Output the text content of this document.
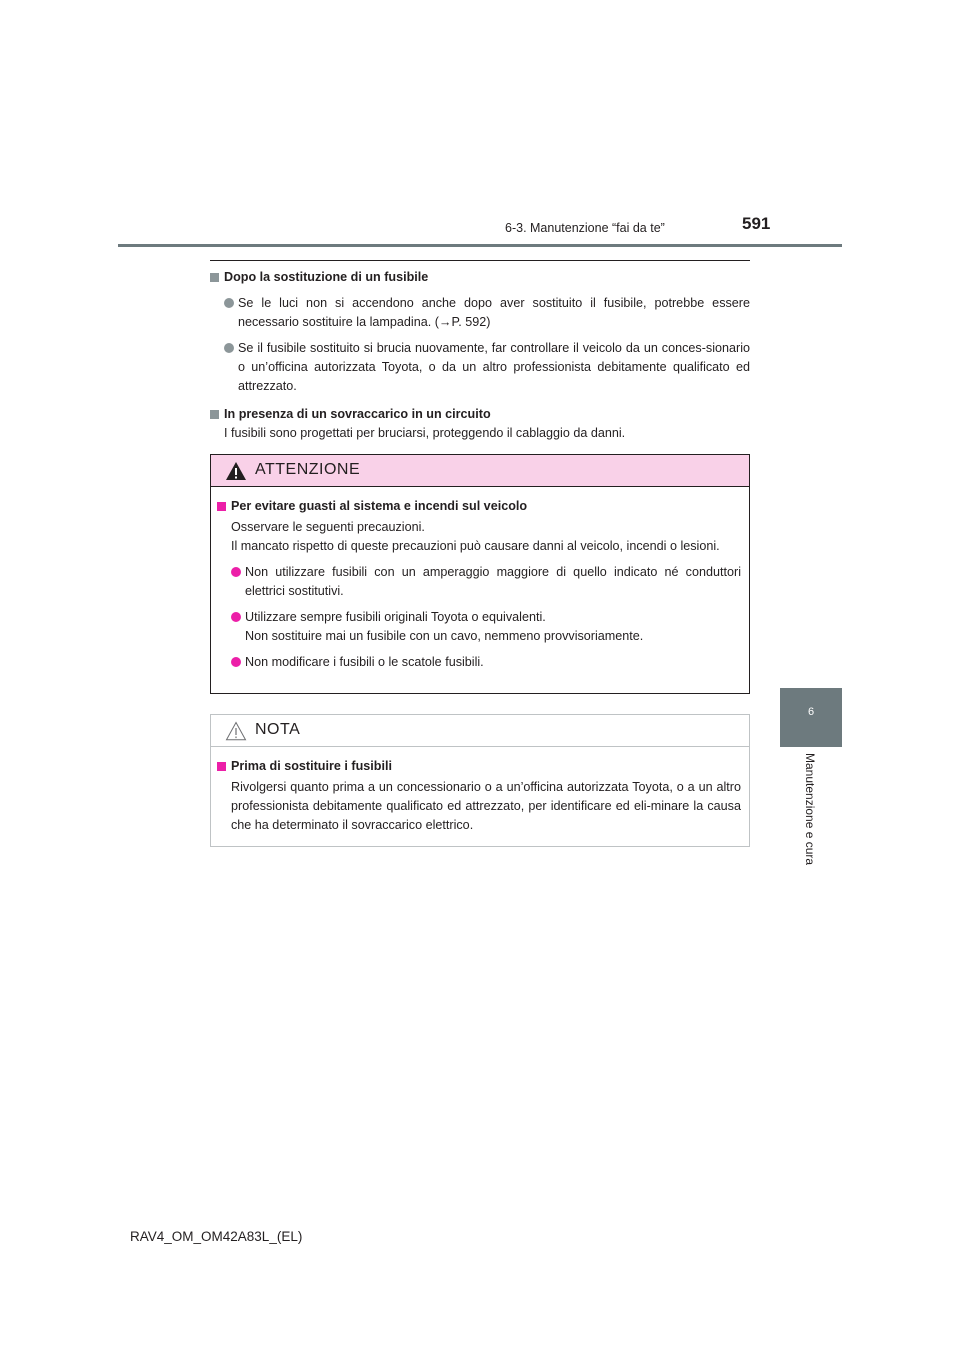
6-3. Manutenzione “fai da te”	591
6
Manutenzione e cura
Dopo la sostituzione di un fusibile
Se le luci non si accendono anche dopo aver sostituito il fusibile, potrebbe essere necessario sostituire la lampadina. (→P. 592)
Se il fusibile sostituito si brucia nuovamente, far controllare il veicolo da un conces-sionario o un’officina autorizzata Toyota, o da un altro professionista debitamente qualificato ed attrezzato.
In presenza di un sovraccarico in un circuito
I fusibili sono progettati per bruciarsi, proteggendo il cablaggio da danni.
ATTENZIONE
Per evitare guasti al sistema e incendi sul veicolo
Osservare le seguenti precauzioni.
Il mancato rispetto di queste precauzioni può causare danni al veicolo, incendi o lesioni.
Non utilizzare fusibili con un amperaggio maggiore di quello indicato né conduttori elettrici sostitutivi.
Utilizzare sempre fusibili originali Toyota o equivalenti.
Non sostituire mai un fusibile con un cavo, nemmeno provvisoriamente.
Non modificare i fusibili o le scatole fusibili.
NOTA
Prima di sostituire i fusibili
Rivolgersi quanto prima a un concessionario o a un’officina autorizzata Toyota, o a un altro professionista debitamente qualificato ed attrezzato, per identificare ed eli-minare la causa che ha determinato il sovraccarico elettrico.
RAV4_OM_OM42A83L_(EL)
